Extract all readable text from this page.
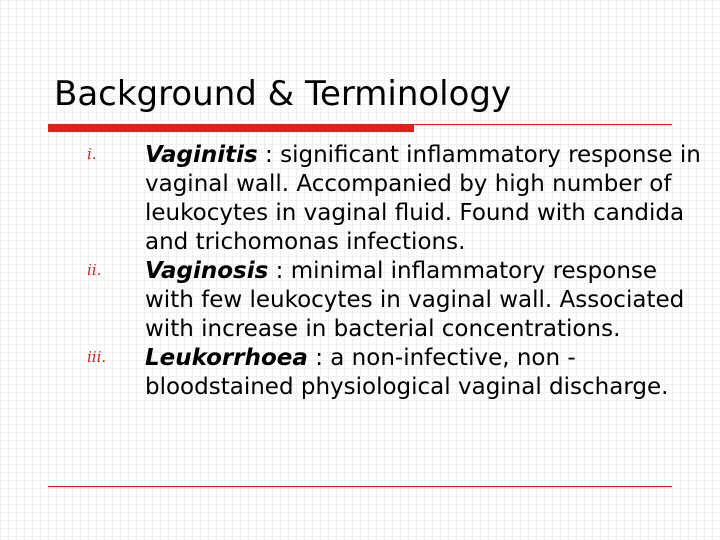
Background & Terminology
i.	Vaginitis : significant inflammatory response in vaginal wall. Accompanied by high number of leukocytes in vaginal fluid. Found with candida and trichomonas infections.
ii.	Vaginosis : minimal inflammatory response with few leukocytes in vaginal wall. Associated with increase in bacterial concentrations.
iii. Leukorrhoea : a non-infective, non -bloodstained physiological vaginal discharge.
